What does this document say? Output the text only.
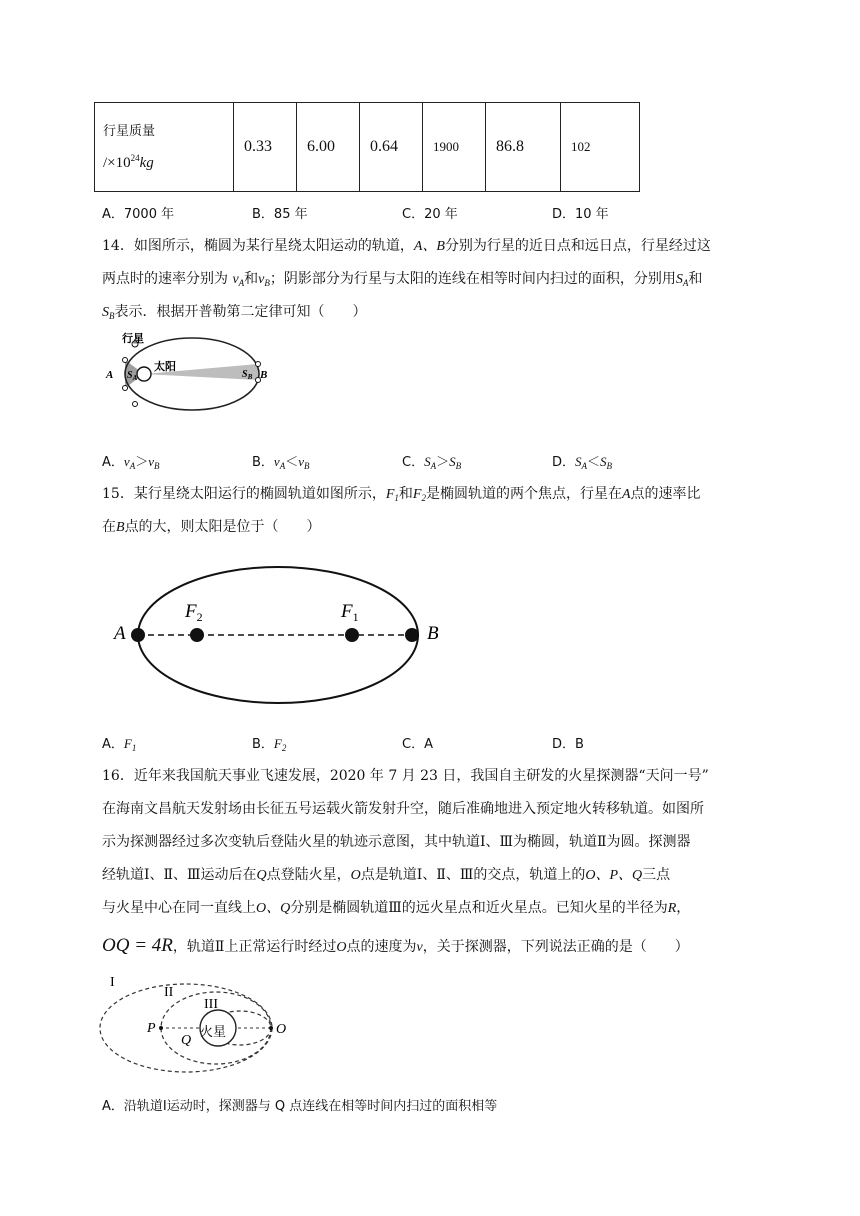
行星质量
$/\times 10^{24}kg$

0.33	6.00	0.64	1900	86.8	102
A．7000 年	B．85 年	C．20 年	D．10 年
14．如图所示，椭圆为某行星绕太阳运动的轨道，A、B分别为行星的近日点和远日点，行星经过这
两点时的速率分别为 $v_A$和$v_B$；阴影部分为行星与太阳的连线在相等时间内扫过的面积，分别用$S_A$和
$S_B$表示．根据开普勒第二定律可知（　　）
行星
太阳
A	B
$S_A$	$S_B$
A．$v_A>v_B$	B．$v_A<v_B$	C．$S_A>S_B$	D．$S_A<S_B$
15．某行星绕太阳运行的椭圆轨道如图所示，$F_1$和$F_2$是椭圆轨道的两个焦点，行星在A点的速率比
在B点的大，则太阳是位于（　　）
A	B
$F_2$	$F_1$
A．$F_1$	B．$F_2$	C．A	D．B
16．近年来我国航天事业飞速发展，2020 年 7 月 23 日，我国自主研发的火星探测器“天问一号”
在海南文昌航天发射场由长征五号运载火箭发射升空，随后准确地进入预定地火转移轨道。如图所
示为探测器经过多次变轨后登陆火星的轨迹示意图，其中轨道Ⅰ、Ⅲ为椭圆，轨道Ⅱ为圆。探测器
经轨道Ⅰ、Ⅱ、Ⅲ运动后在Q点登陆火星，O点是轨道Ⅰ、Ⅱ、Ⅲ的交点，轨道上的O、P、Q三点
与火星中心在同一直线上O、Q分别是椭圆轨道Ⅲ的远火星点和近火星点。已知火星的半径为R，
OQ = 4R，轨道Ⅱ上正常运行时经过O点的速度为v，关于探测器，下列说法正确的是（　　）
火星
I
II
III
P
Q
O
A．沿轨道Ⅰ运动时，探测器与 Q 点连线在相等时间内扫过的面积相等
